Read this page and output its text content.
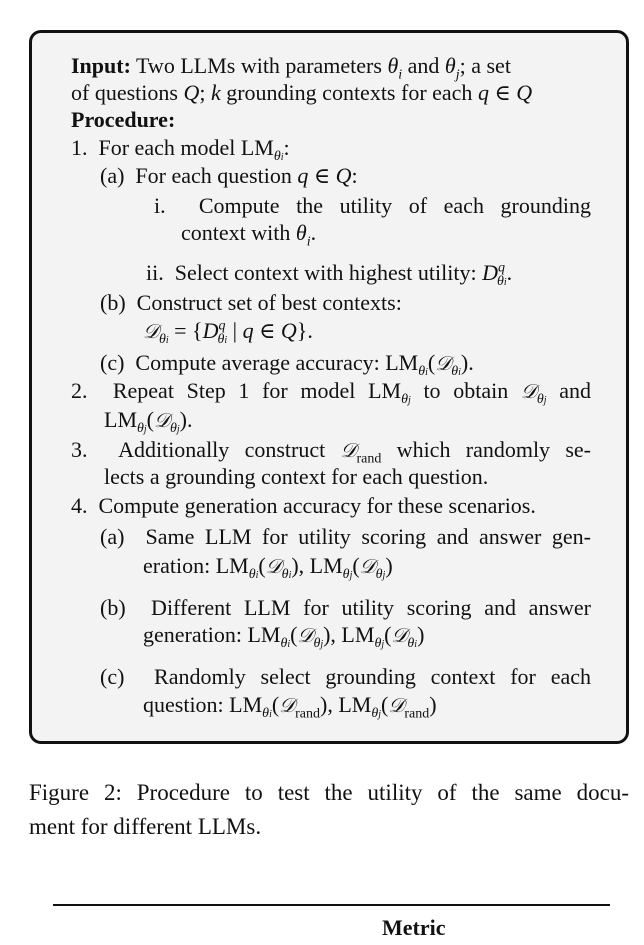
Input: Two LLMs with parameters $\theta_i$ and $\theta_j$; a set
of questions Q; k grounding contexts for each q ∈ Q
Procedure:
1.  For each model $LM_{\theta i}$:
(a)  For each question q ∈ Q:
i.  Compute the utility of each grounding
context with $\theta_i$.
ii.  Select context with highest utility: $D^q_{\theta i}$.
(b)  Construct set of best contexts:
𝒟$_{\theta i}$ = {$D^q_{\theta i}$ | q ∈ Q}.
(c)  Compute average accuracy: $LM_{\theta i}(𝒟_{\theta i})$.
2.  Repeat Step 1 for model $LM_{\theta j}$ to obtain 𝒟$_{\theta j}$ and
$LM_{\theta j}(𝒟_{\theta j})$.
3.  Additionally construct 𝒟$_{rand}$ which randomly se-
lects a grounding context for each question.
4.  Compute generation accuracy for these scenarios.
(a)  Same LLM for utility scoring and answer gen-
eration: $LM_{\theta i}(𝒟_{\theta i})$, $LM_{\theta j}(𝒟_{\theta j})$
(b)  Different LLM for utility scoring and answer
generation: $LM_{\theta i}(𝒟_{\theta j})$, $LM_{\theta j}(𝒟_{\theta i})$
(c)  Randomly select grounding context for each
question: $LM_{\theta i}(𝒟_{rand})$, $LM_{\theta j}(𝒟_{rand})$
Figure 2: Procedure to test the utility of the same docu-
ment for different LLMs.
Metric
